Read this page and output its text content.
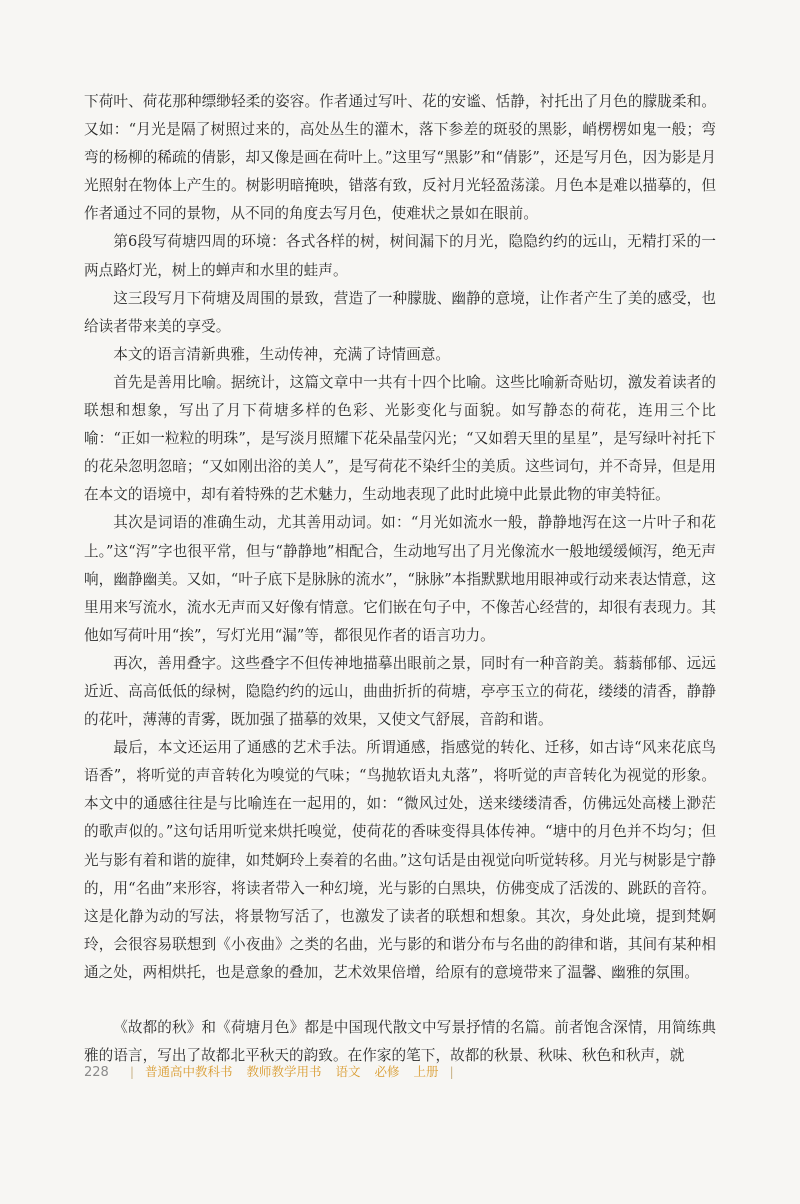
下荷叶、荷花那种缥缈轻柔的姿容。作者通过写叶、花的安谧、恬静，衬托出了月色的朦胧柔和。又如：“月光是隔了树照过来的，高处丛生的灌木，落下参差的斑驳的黑影，峭楞楞如鬼一般；弯弯的杨柳的稀疏的倩影，却又像是画在荷叶上。”这里写“黑影”和“倩影”，还是写月色，因为影是月光照射在物体上产生的。树影明暗掩映，错落有致，反衬月光轻盈荡漾。月色本是难以描摹的，但作者通过不同的景物，从不同的角度去写月色，使难状之景如在眼前。

第6段写荷塘四周的环境：各式各样的树，树间漏下的月光，隐隐约约的远山，无精打采的一两点路灯光，树上的蝉声和水里的蛙声。

这三段写月下荷塘及周围的景致，营造了一种朦胧、幽静的意境，让作者产生了美的感受，也给读者带来美的享受。

本文的语言清新典雅，生动传神，充满了诗情画意。

首先是善用比喻。据统计，这篇文章中一共有十四个比喻。这些比喻新奇贴切，激发着读者的联想和想象，写出了月下荷塘多样的色彩、光影变化与面貌。如写静态的荷花，连用三个比喻：“正如一粒粒的明珠”，是写淡月照耀下花朵晶莹闪光；“又如碧天里的星星”，是写绿叶衬托下的花朵忽明忽暗；“又如刚出浴的美人”，是写荷花不染纤尘的美质。这些词句，并不奇异，但是用在本文的语境中，却有着特殊的艺术魅力，生动地表现了此时此境中此景此物的审美特征。

其次是词语的准确生动，尤其善用动词。如：“月光如流水一般，静静地泻在这一片叶子和花上。”这“泻”字也很平常，但与“静静地”相配合，生动地写出了月光像流水一般地缓缓倾泻，绝无声响，幽静幽美。又如，“叶子底下是脉脉的流水”，“脉脉”本指默默地用眼神或行动来表达情意，这里用来写流水，流水无声而又好像有情意。它们嵌在句子中，不像苦心经营的，却很有表现力。其他如写荷叶用“挨”，写灯光用“漏”等，都很见作者的语言功力。

再次，善用叠字。这些叠字不但传神地描摹出眼前之景，同时有一种音韵美。蓊蓊郁郁、远远近近、高高低低的绿树，隐隐约约的远山，曲曲折折的荷塘，亭亭玉立的荷花，缕缕的清香，静静的花叶，薄薄的青雾，既加强了描摹的效果，又使文气舒展，音韵和谐。

最后，本文还运用了通感的艺术手法。所谓通感，指感觉的转化、迁移，如古诗“风来花底鸟语香”，将听觉的声音转化为嗅觉的气味；“鸟抛软语丸丸落”，将听觉的声音转化为视觉的形象。本文中的通感往往是与比喻连在一起用的，如：“微风过处，送来缕缕清香，仿佛远处高楼上渺茫的歌声似的。”这句话用听觉来烘托嗅觉，使荷花的香味变得具体传神。“塘中的月色并不均匀；但光与影有着和谐的旋律，如梵婀玲上奏着的名曲。”这句话是由视觉向听觉转移。月光与树影是宁静的，用“名曲”来形容，将读者带入一种幻境，光与影的白黑块，仿佛变成了活泼的、跳跃的音符。这是化静为动的写法，将景物写活了，也激发了读者的联想和想象。其次，身处此境，提到梵婀玲，会很容易联想到《小夜曲》之类的名曲，光与影的和谐分布与名曲的韵律和谐，其间有某种相通之处，两相烘托，也是意象的叠加，艺术效果倍增，给原有的意境带来了温馨、幽雅的氛围。

《故都的秋》和《荷塘月色》都是中国现代散文中写景抒情的名篇。前者饱含深情，用简练典雅的语言，写出了故都北平秋天的韵致。在作家的笔下，故都的秋景、秋味、秋色和秋声，就

228 | 普通高中教科书 教师教学用书 语文 必修 上册 |
